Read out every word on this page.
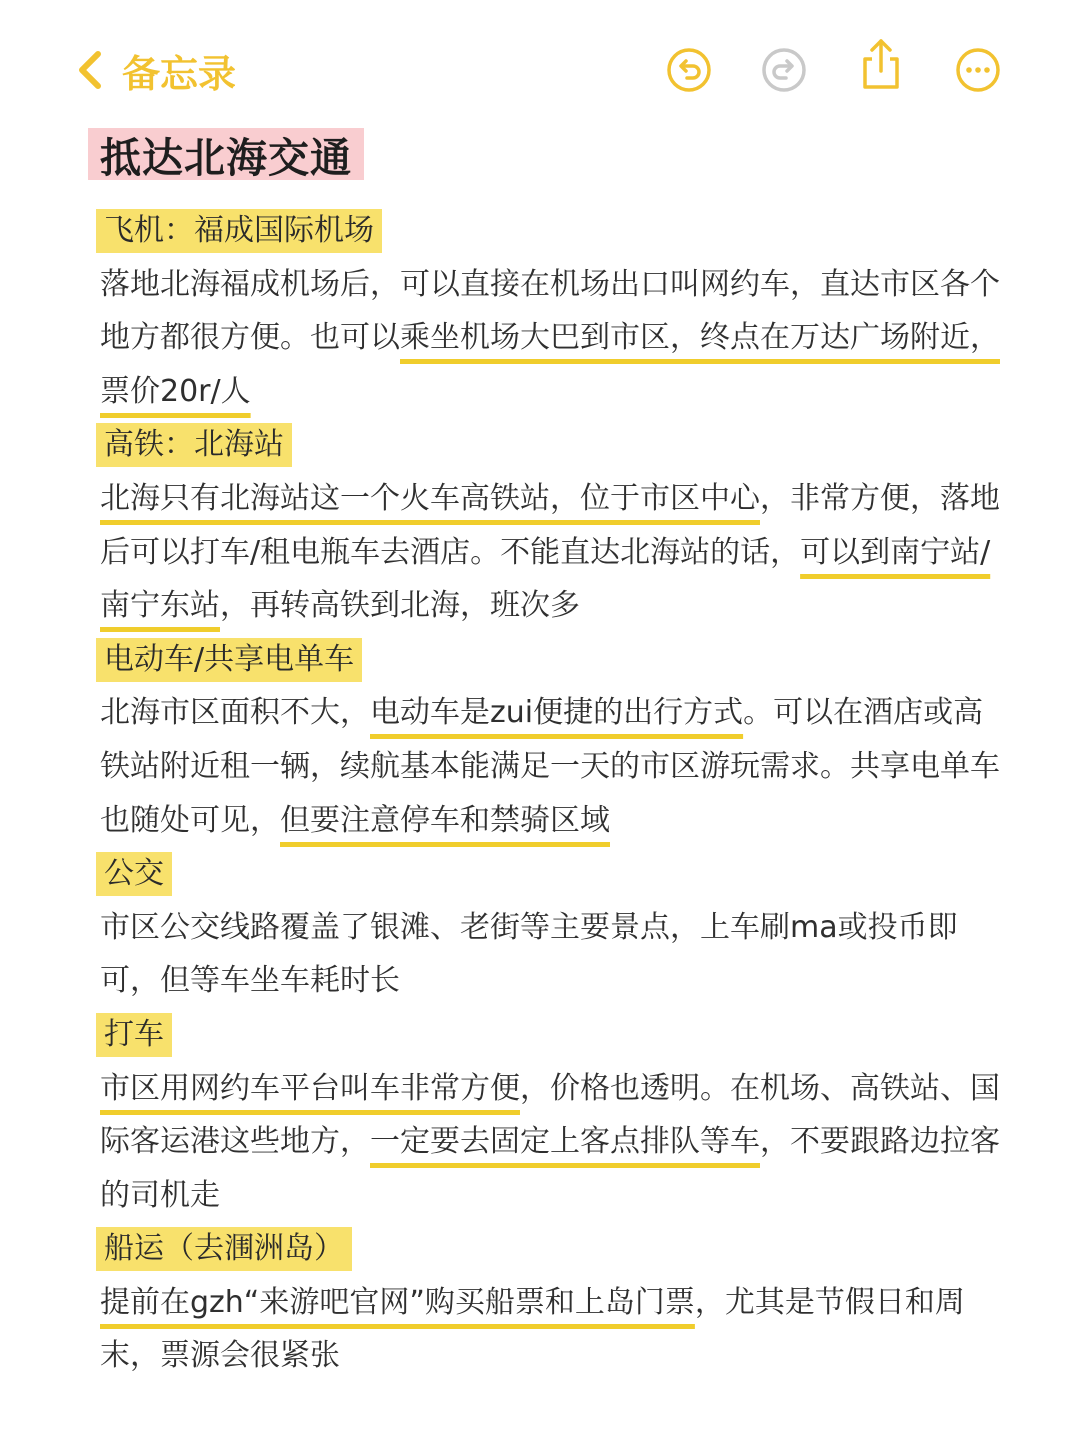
备忘录
抵达北海交通
飞机：福成国际机场

落地北海福成机场后，可以直接在机场出口叫网约车，直达市区各个地方都很方便。也可以乘坐机场大巴到市区，终点在万达广场附近，票价20r/人

高铁：北海站

北海只有北海站这一个火车高铁站，位于市区中心，非常方便，落地后可以打车/租电瓶车去酒店。不能直达北海站的话，可以到南宁站/南宁东站，再转高铁到北海，班次多

电动车/共享电单车

北海市区面积不大，电动车是zui便捷的出行方式。可以在酒店或高铁站附近租一辆，续航基本能满足一天的市区游玩需求。共享电单车也随处可见，但要注意停车和禁骑区域

公交

市区公交线路覆盖了银滩、老街等主要景点，上车刷ma或投币即可，但等车坐车耗时长

打车

市区用网约车平台叫车非常方便，价格也透明。在机场、高铁站、国际客运港这些地方，一定要去固定上客点排队等车，不要跟路边拉客的司机走

船运（去涠洲岛）

提前在gzh“来游吧官网”购买船票和上岛门票，尤其是节假日和周末，票源会很紧张
